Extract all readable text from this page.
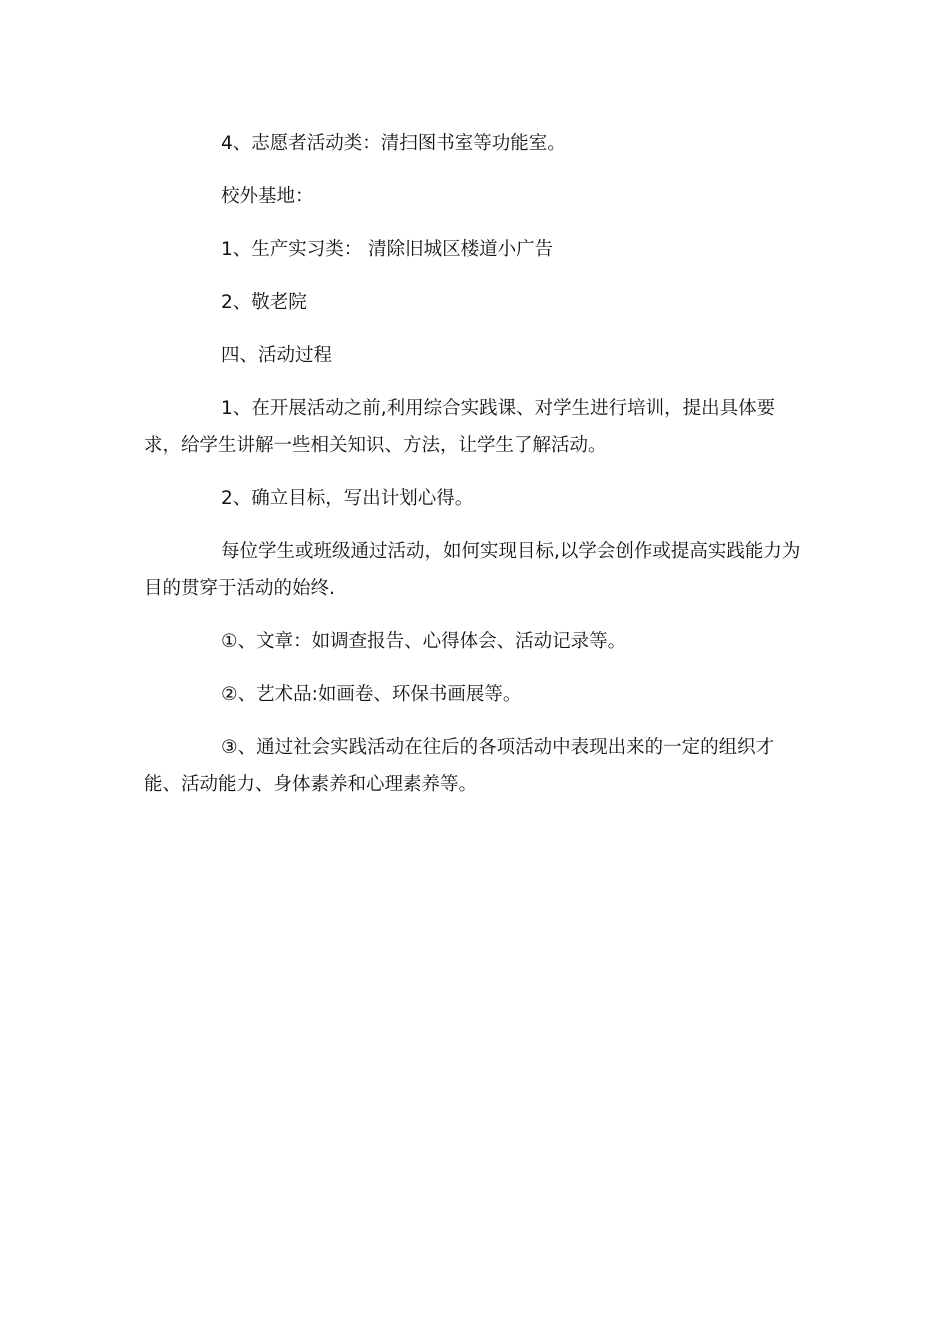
4、志愿者活动类：清扫图书室等功能室。

校外基地：

1、生产实习类： 清除旧城区楼道小广告

2、敬老院

四、活动过程

1、在开展活动之前,利用综合实践课、对学生进行培训，提出具体要求，给学生讲解一些相关知识、方法，让学生了解活动。

2、确立目标，写出计划心得。

每位学生或班级通过活动，如何实现目标,以学会创作或提高实践能力为目的贯穿于活动的始终.

①、文章：如调查报告、心得体会、活动记录等。

②、艺术品:如画卷、环保书画展等。

③、通过社会实践活动在往后的各项活动中表现出来的一定的组织才能、活动能力、身体素养和心理素养等。
